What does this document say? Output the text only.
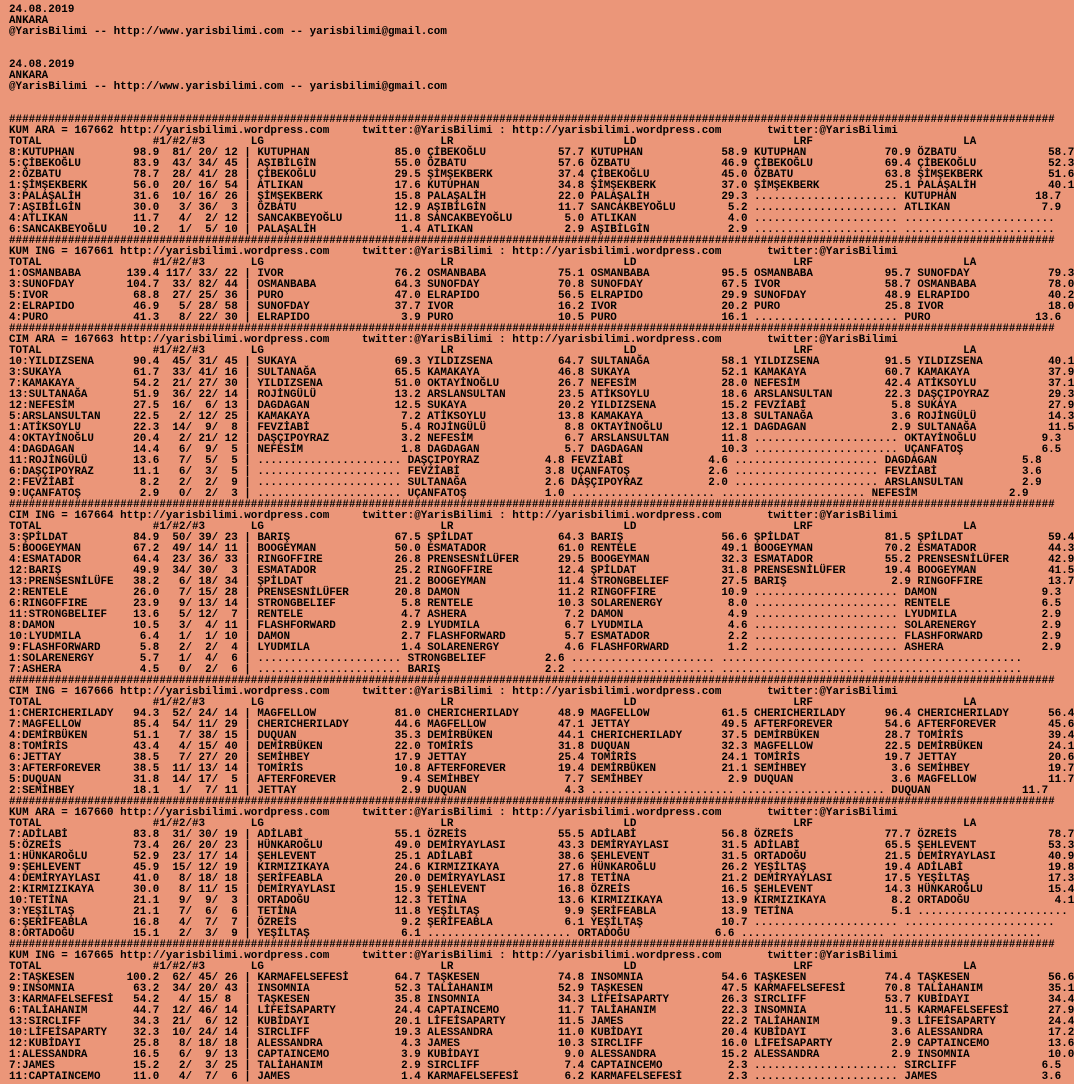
24.08.2019
ANKARA
@YarisBilimi -- http://www.yarisbilimi.com -- yarisbilimi@gmail.com
24.08.2019
ANKARA
@YarisBilimi -- http://www.yarisbilimi.com -- yarisbilimi@gmail.com
################################################################################################################################################################
KUM ARA = 167662 http://yarisbilimi.wordpress.com     twitter:@YarisBilimi : http://yarisbilimi.wordpress.com       twitter:@YarisBilimi
TOTAL                 #1/#2/#3       LG                           LR                          LD                        LRF                       LA
8:KUTUPHAN         98.9  81/ 20/ 12 | KUTUPHAN             85.0 ÇİBEKOĞLU           57.7 KUTUPHAN            58.9 KUTUPHAN            70.9 ÖZBATU              58.7
5:ÇİBEKOĞLU        83.9  43/ 34/ 45 | AŞIBİLGİN            55.0 ÖZBATU              57.6 ÖZBATU              46.9 ÇİBEKOĞLU           69.4 ÇİBEKOĞLU           52.3
2:ÖZBATU           78.7  28/ 41/ 28 | ÇİBEKOĞLU            29.5 ŞİMŞEKBERK          37.4 ÇİBEKOĞLU           45.0 ÖZBATU              63.8 ŞİMŞEKBERK          51.6
1:ŞİMŞEKBERK       56.0  20/ 16/ 54 | ATLIKAN              17.6 KUTUPHAN            34.8 ŞİMŞEKBERK          37.0 ŞİMŞEKBERK          25.1 PALAŞALİH           40.1
3:PALAŞALİH        31.6  10/ 16/ 26 | ŞİMŞEKBERK           15.8 PALAŞALİH           22.0 PALAŞALİH           29.3 ...................... KUTUPHAN            18.7
7:AŞIBİLGİN        30.0   3/ 36/  3 | ÖZBATU               12.9 AŞIBİLGİN           11.7 SANCAKBEYOĞLU        5.2 ...................... ATLIKAN              7.9
4:ATLIKAN          11.7   4/  2/ 12 | SANCAKBEYOĞLU        11.8 SANCAKBEYOĞLU        5.0 ATLIKAN              4.0 ...................... .......................
6:SANCAKBEYOĞLU    10.2   1/  5/ 10 | PALAŞALİH             1.4 ATLIKAN              2.9 AŞIBİLGİN            2.9 ...................... .......................
################################################################################################################################################################
KUM ING = 167661 http://yarisbilimi.wordpress.com     twitter:@YarisBilimi : http://yarisbilimi.wordpress.com       twitter:@YarisBilimi
TOTAL                 #1/#2/#3       LG                           LR                          LD                        LRF                       LA
1:OSMANBABA       139.4 117/ 33/ 22 | IVOR                 76.2 OSMANBABA           75.1 OSMANBABA           95.5 OSMANBABA           95.7 SUNOFDAY            79.3
3:SUNOFDAY        104.7  33/ 82/ 44 | OSMANBABA            64.3 SUNOFDAY            70.8 SUNOFDAY            67.5 IVOR                58.7 OSMANBABA           78.0
5:IVOR             68.8  27/ 25/ 36 | PURO                 47.0 ELRAPIDO            56.5 ELRAPIDO            29.9 SUNOFDAY            48.9 ELRAPIDO            40.2
2:ELRAPIDO         46.9   5/ 28/ 58 | SUNOFDAY             37.7 IVOR                16.2 IVOR                20.2 PURO                25.8 IVOR                18.0
4:PURO             41.3   8/ 22/ 30 | ELRAPIDO              3.9 PURO                10.5 PURO                16.1 ...................... PURO                13.6
################################################################################################################################################################
CIM ARA = 167663 http://yarisbilimi.wordpress.com     twitter:@YarisBilimi : http://yarisbilimi.wordpress.com       twitter:@YarisBilimi
TOTAL                 #1/#2/#3       LG                           LR                          LD                        LRF                       LA
10:YILDIZSENA      90.4  45/ 31/ 45 | SUKAYA               69.3 YILDIZSENA          64.7 SULTANAĞA           58.1 YILDIZSENA          91.5 YILDIZSENA          40.1
3:SUKAYA           61.7  33/ 41/ 16 | SULTANAĞA            65.5 KAMAKAYA            46.8 SUKAYA              52.1 KAMAKAYA            60.7 KAMAKAYA            37.9
7:KAMAKAYA         54.2  21/ 27/ 30 | YILDIZSENA           51.0 OKTAYİNOĞLU         26.7 NEFESİM             28.0 NEFESİM             42.4 ATİKSOYLU           37.1
13:SULTANAĞA       51.9  36/ 22/ 14 | ROJİNGÜLÜ            13.2 ARSLANSULTAN        23.5 ATİKSOYLU           18.6 ARSLANSULTAN        22.3 DAŞÇIPOYRAZ         29.3
12:NEFESİM         27.5  16/  6/ 13 | DAGDAGAN             12.5 SUKAYA              20.2 YILDIZSENA          15.2 FEVZİABİ             5.8 SUKAYA              27.9
5:ARSLANSULTAN     22.5   2/ 12/ 25 | KAMAKAYA              7.2 ATİKSOYLU           13.8 KAMAKAYA            13.8 SULTANAĞA            3.6 ROJİNGÜLÜ           14.3
1:ATİKSOYLU        22.3  14/  9/  8 | FEVZİABİ              5.4 ROJİNGÜLÜ            8.8 OKTAYİNOĞLU         12.1 DAGDAGAN             2.9 SULTANAĞA           11.5
4:OKTAYİNOĞLU      20.4   2/ 21/ 12 | DAŞÇIPOYRAZ           3.2 NEFESİM              6.7 ARSLANSULTAN        11.8 ...................... OKTAYİNOĞLU          9.3
4:DAGDAGAN         14.4   6/  9/  5 | NEFESİM               1.8 DAGDAGAN             5.7 DAGDAGAN            10.3 ...................... UÇANFATOŞ            6.5
11:ROJİNGÜLÜ       13.6   7/  5/  5 | ...................... DAŞÇIPOYRAZ          4.8 FEVZİABİ             4.6 ...................... DAGDAGAN             5.8
6:DAŞÇIPOYRAZ      11.1   6/  3/  5 | ...................... FEVZİABİ             3.8 UÇANFATOŞ            2.6 ...................... FEVZİABİ             3.6
2:FEVZİABİ          8.2   2/  2/  9 | ...................... SULTANAĞA            2.6 DAŞÇIPOYRAZ          2.0 ...................... ARSLANSULTAN         2.9
9:UÇANFATOŞ         2.9   0/  2/  3 | ...................... UÇANFATOŞ            1.0 ...................... ...................... NEFESİM              2.9
################################################################################################################################################################
CIM ING = 167664 http://yarisbilimi.wordpress.com     twitter:@YarisBilimi : http://yarisbilimi.wordpress.com       twitter:@YarisBilimi
TOTAL                 #1/#2/#3       LG                           LR                          LD                        LRF                       LA
3:ŞPİLDAT          84.9  50/ 39/ 23 | BARIŞ                67.5 ŞPİLDAT             64.3 BARIŞ               56.6 ŞPİLDAT             81.5 ŞPİLDAT             59.4
5:BOOGEYMAN        67.2  49/ 14/ 11 | BOOGEYMAN            50.0 ESMATADOR           61.0 RENTELE             49.1 BOOGEYMAN           70.2 ESMATADOR           44.3
4:ESMATADOR        64.4  23/ 36/ 33 | RINGOFFIRE           26.8 PRENSESNİLÜFER      29.5 BOOGEYMAN           32.3 ESMATADOR           55.2 PRENSESNİLÜFER      42.9
12:BARIŞ           49.9  34/ 30/  3 | ESMATADOR            25.2 RINGOFFIRE          12.4 ŞPİLDAT             31.8 PRENSESNİLÜFER      19.4 BOOGEYMAN           41.5
13:PRENSESNİLÜFE   38.2   6/ 18/ 34 | ŞPİLDAT              21.2 BOOGEYMAN           11.4 STRONGBELIEF        27.5 BARIŞ                2.9 RINGOFFIRE          13.7
2:RENTELE          26.0   7/ 15/ 28 | PRENSESNİLÜFER       20.8 DAMON               11.2 RINGOFFIRE          10.9 ...................... DAMON                9.3
6:RINGOFFIRE       23.9   9/ 13/ 14 | STRONGBELIEF          5.8 RENTELE             10.3 SOLARENERGY          8.0 ...................... RENTELE              6.5
11:STRONGBELIEF    13.6   5/ 12/  7 | RENTELE               4.7 ASHERA               7.2 DAMON                4.9 ...................... LYUDMILA             2.9
8:DAMON            10.5   3/  4/ 11 | FLASHFORWARD          2.9 LYUDMILA             6.7 LYUDMILA             4.6 ...................... SOLARENERGY          2.9
10:LYUDMILA         6.4   1/  1/ 10 | DAMON                 2.7 FLASHFORWARD         5.7 ESMATADOR            2.2 ...................... FLASHFORWARD         2.9
9:FLASHFORWARD      5.8   2/  2/  4 | LYUDMILA              1.4 SOLARENERGY          4.6 FLASHFORWARD         1.2 ...................... ASHERA               2.9
1:SOLARENERGY       5.7   1/  4/  6 | ...................... STRONGBELIEF         2.6 ...................... ...................... .......................
7:ASHERA            4.5   0/  2/  6 | ...................... BARIŞ                2.2 ...................... ...................... .......................
################################################################################################################################################################
CIM ING = 167666 http://yarisbilimi.wordpress.com     twitter:@YarisBilimi : http://yarisbilimi.wordpress.com       twitter:@YarisBilimi
TOTAL                 #1/#2/#3       LG                           LR                          LD                        LRF                       LA
1:CHERICHERILADY   94.3  52/ 24/ 14 | MAGFELLOW            81.0 CHERICHERILADY      48.9 MAGFELLOW           61.5 CHERICHERILADY      96.4 CHERICHERILADY      56.4
7:MAGFELLOW        85.4  54/ 11/ 29 | CHERICHERILADY       44.6 MAGFELLOW           47.1 JETTAY              49.5 AFTERFOREVER        54.6 AFTERFOREVER        45.6
4:DEMİRBÜKEN       51.1   7/ 38/ 15 | DUQUAN               35.3 DEMİRBÜKEN          44.1 CHERICHERILADY      37.5 DEMİRBÜKEN          28.7 TOMİRİS             39.4
8:TOMİRİS          43.4   4/ 15/ 40 | DEMİRBÜKEN           22.0 TOMİRİS             31.8 DUQUAN              32.3 MAGFELLOW           22.5 DEMİRBÜKEN          24.1
6:JETTAY           38.5   7/ 27/ 20 | SEMİHBEY             17.9 JETTAY              25.4 TOMİRİS             24.1 TOMİRİS             19.7 JETTAY              20.6
3:AFTERFOREVER     38.5  11/ 13/ 14 | TOMİRİS              10.8 AFTERFOREVER        19.4 DEMİRBÜKEN          21.1 SEMİHBEY             3.6 SEMİHBEY            19.7
5:DUQUAN           31.8  14/ 17/  5 | AFTERFOREVER          9.4 SEMİHBEY             7.7 SEMİHBEY             2.9 DUQUAN               3.6 MAGFELLOW           11.7
2:SEMİHBEY         18.1   1/  7/ 11 | JETTAY                2.9 DUQUAN               4.3 ...................... ...................... DUQUAN              11.7
################################################################################################################################################################
KUM ARA = 167660 http://yarisbilimi.wordpress.com     twitter:@YarisBilimi : http://yarisbilimi.wordpress.com       twitter:@YarisBilimi
TOTAL                 #1/#2/#3       LG                           LR                          LD                        LRF                       LA
7:ADİLABİ          83.8  31/ 30/ 19 | ADİLABİ              55.1 ÖZREİS              55.5 ADİLABİ             56.8 ÖZREİS              77.7 ÖZREİS              78.7
5:ÖZREİS           73.4  26/ 20/ 23 | HÜNKAROĞLU           49.0 DEMİRYAYLASI        43.3 DEMİRYAYLASI        31.5 ADİLABİ             65.5 ŞEHLEVENT           53.3
1:HÜNKAROĞLU       52.9  23/ 17/ 14 | ŞEHLEVENT            25.1 ADİLABİ             38.6 ŞEHLEVENT           31.5 ORTADOĞU            21.5 DEMİRYAYLASI        40.9
9:ŞEHLEVENT        45.9  15/ 12/ 19 | KIRMIZIKAYA          24.6 KIRMIZIKAYA         27.6 HÜNKAROĞLU          26.2 YEŞİLTAŞ            19.4 ADİLABİ             19.8
4:DEMİRYAYLASI     41.0   8/ 18/ 18 | ŞERİFEABLA           20.0 DEMİRYAYLASI        17.8 TETİNA              21.2 DEMİRYAYLASI        17.5 YEŞİLTAŞ            17.3
2:KIRMIZIKAYA      30.0   8/ 11/ 15 | DEMİRYAYLASI         15.9 ŞEHLEVENT           16.8 ÖZREİS              16.5 ŞEHLEVENT           14.3 HÜNKAROĞLU          15.4
10:TETİNA          21.1   9/  9/  3 | ORTADOĞU             12.3 TETİNA              13.6 KIRMIZIKAYA         13.9 KIRMIZIKAYA          8.2 ORTADOĞU             4.1
3:YEŞİLTAŞ         21.1   7/  6/  6 | TETİNA               11.8 YEŞİLTAŞ             9.9 ŞERİFEABLA          13.9 TETİNA               5.1 .......................
6:ŞERİFEABLA       16.8   4/  7/  7 | ÖZREİS                9.2 ŞERİFEABLA           6.1 YEŞİLTAŞ            10.7 ...................... .......................
8:ORTADOĞU         15.1   2/  3/  9 | YEŞİLTAŞ              6.1 ...................... ORTADOĞU             6.6 ...................... .......................
################################################################################################################################################################
KUM ING = 167665 http://yarisbilimi.wordpress.com     twitter:@YarisBilimi : http://yarisbilimi.wordpress.com       twitter:@YarisBilimi
TOTAL                 #1/#2/#3       LG                           LR                          LD                        LRF                       LA
2:TAŞKESEN        100.2  62/ 45/ 26 | KARMAFELSEFESİ       64.7 TAŞKESEN            74.8 INSOMNIA            54.6 TAŞKESEN            74.4 TAŞKESEN            56.6
9:INSOMNIA         63.2  34/ 20/ 43 | INSOMNIA             52.3 TALİAHANIM          52.9 TAŞKESEN            47.5 KARMAFELSEFESİ      70.8 TALİAHANIM          35.1
3:KARMAFELSEFESİ   54.2   4/ 15/ 8  | TAŞKESEN             35.8 INSOMNIA            34.3 LİFEİSAPARTY        26.3 SIRCLIFF            53.7 KUBİDAYI            34.4
6:TALİAHANIM       44.7  12/ 46/ 14 | LİFEİSAPARTY         24.4 CAPTAINCEMO         11.7 TALİAHANIM          22.3 INSOMNIA            11.5 KARMAFELSEFESİ      27.9
13:SIRCLIFF        34.3  21/  6/ 12 | KUBİDAYI             20.1 LİFEİSAPARTY        11.5 JAMES               22.2 TALİAHANIM           9.3 LİFEİSAPARTY        24.4
10:LİFEİSAPARTY    32.3  10/ 24/ 14 | SIRCLIFF             19.3 ALESSANDRA          11.0 KUBİDAYI            20.4 KUBİDAYI             3.6 ALESSANDRA          17.2
12:KUBİDAYI        25.8   8/ 18/ 18 | ALESSANDRA            4.3 JAMES               10.3 SIRCLIFF            16.0 LİFEİSAPARTY         2.9 CAPTAINCEMO         13.6
1:ALESSANDRA       16.5   6/  9/ 13 | CAPTAINCEMO           3.9 KUBİDAYI             9.0 ALESSANDRA          15.2 ALESSANDRA           2.9 INSOMNIA            10.0
7:JAMES            15.2   2/  3/ 25 | TALİAHANIM            2.9 SIRCLIFF             7.4 CAPTAINCEMO          2.3 ...................... SIRCLIFF             6.5
11:CAPTAINCEMO     11.0   4/  7/  6 | JAMES                 1.4 KARMAFELSEFESİ       6.2 KARMAFELSEFESİ       2.3 ...................... JAMES                3.6
